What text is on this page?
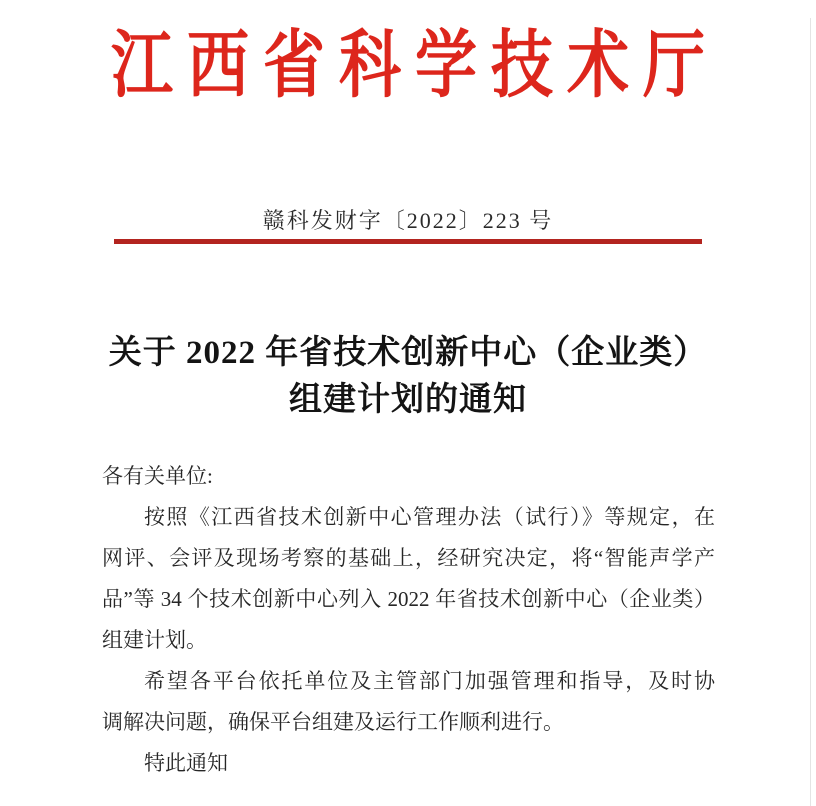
江西省科学技术厅
赣科发财字〔2022〕223 号
关于 2022 年省技术创新中心（企业类）
组建计划的通知
各有关单位:
按照《江西省技术创新中心管理办法（试行）》等规定，在
网评、会评及现场考察的基础上，经研究决定，将“智能声学产
品”等 34 个技术创新中心列入 2022 年省技术创新中心（企业类）
组建计划。
希望各平台依托单位及主管部门加强管理和指导，及时协
调解决问题，确保平台组建及运行工作顺利进行。
特此通知
